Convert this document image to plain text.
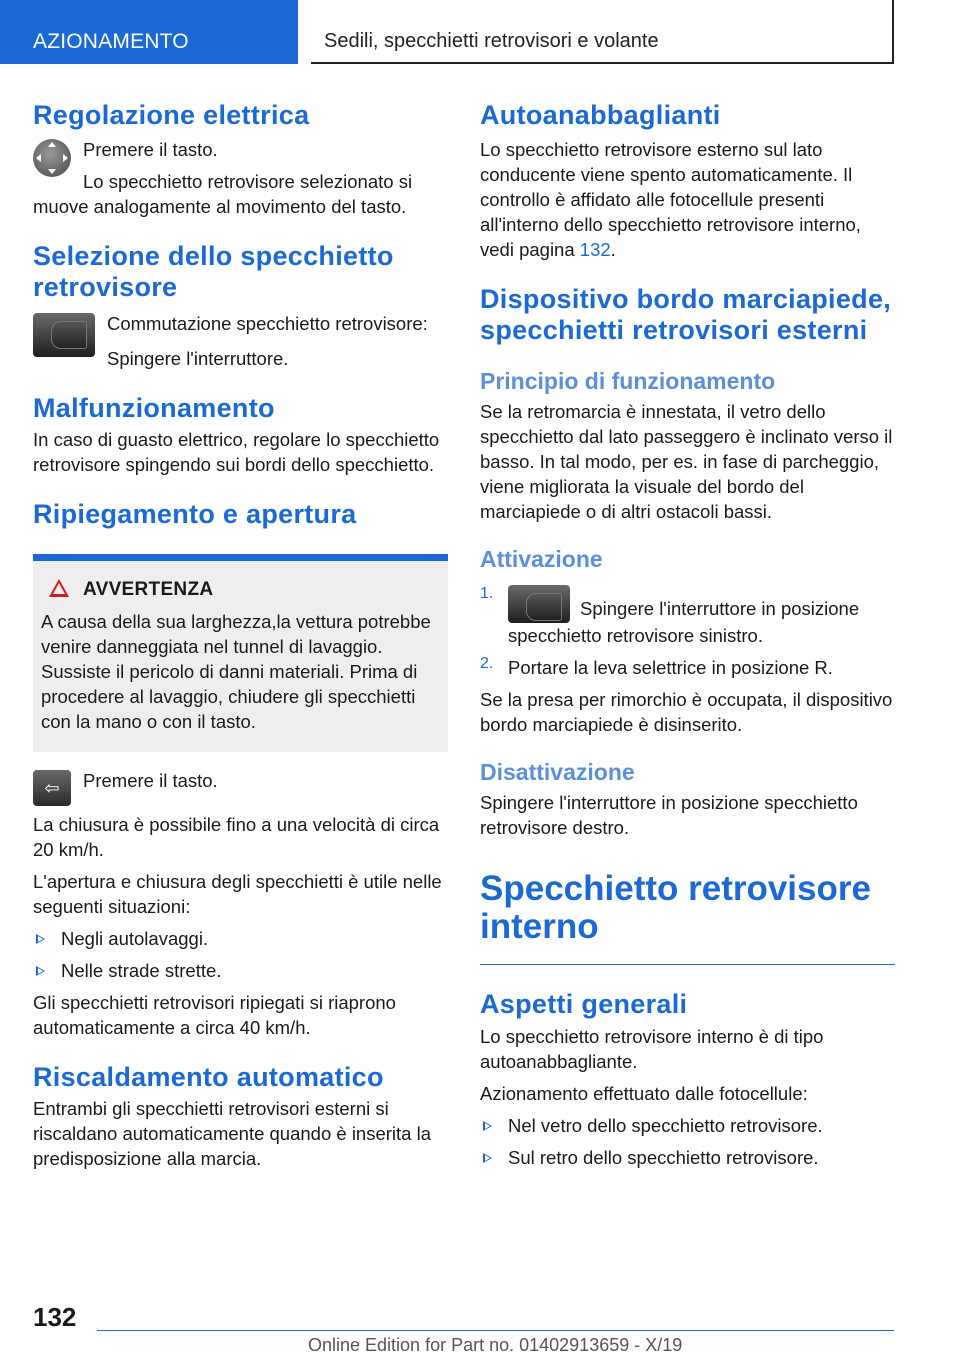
AZIONAMENTO	Sedili, specchietti retrovisori e volante
Regolazione elettrica

Premere il tasto.

Lo specchietto retrovisore selezionato si muove analogamente al movimento del tasto.

Selezione dello specchietto retrovisore

Commutazione specchietto retrovisore:

Spingere l'interruttore.

Malfunzionamento

In caso di guasto elettrico, regolare lo specchietto retrovisore spingendo sui bordi dello specchietto.

Ripiegamento e apertura
AVVERTENZA

A causa della sua larghezza,la vettura potrebbe venire danneggiata nel tunnel di lavaggio. Sussiste il pericolo di danni materiali. Prima di procedere al lavaggio, chiudere gli specchietti con la mano o con il tasto.

⇦	Premere il tasto.

La chiusura è possibile fino a una velocità di circa 20 km/h.

L'apertura e chiusura degli specchietti è utile nelle seguenti situazioni:

Negli autolavaggi.

Nelle strade strette.

Gli specchietti retrovisori ripiegati si riaprono automaticamente a circa 40 km/h.

Riscaldamento automatico

Entrambi gli specchietti retrovisori esterni si riscaldano automaticamente quando è inserita la predisposizione alla marcia.

Autoanabbaglianti

Lo specchietto retrovisore esterno sul lato conducente viene spento automaticamente. Il controllo è affidato alle fotocellule presenti all'interno dello specchietto retrovisore interno, vedi pagina 132.

Dispositivo bordo marciapiede, specchietti retrovisori esterni
Principio di funzionamento

Se la retromarcia è innestata, il vetro dello specchietto dal lato passeggero è inclinato verso il basso. In tal modo, per es. in fase di parcheggio, viene migliorata la visuale del bordo del marciapiede o di altri ostacoli bassi.

Attivazione
1.

Spingere l'interruttore in posizione specchietto retrovisore sinistro.

2. Portare la leva selettrice in posizione R.

Se la presa per rimorchio è occupata, il dispositivo bordo marciapiede è disinserito.

Disattivazione

Spingere l'interruttore in posizione specchietto retrovisore destro.

Specchietto retrovisore interno
Aspetti generali

Lo specchietto retrovisore interno è di tipo autoanabbagliante.

Azionamento effettuato dalle fotocellule:

Nel vetro dello specchietto retrovisore.

Sul retro dello specchietto retrovisore.

132
Online Edition for Part no. 01402913659 - X/19
